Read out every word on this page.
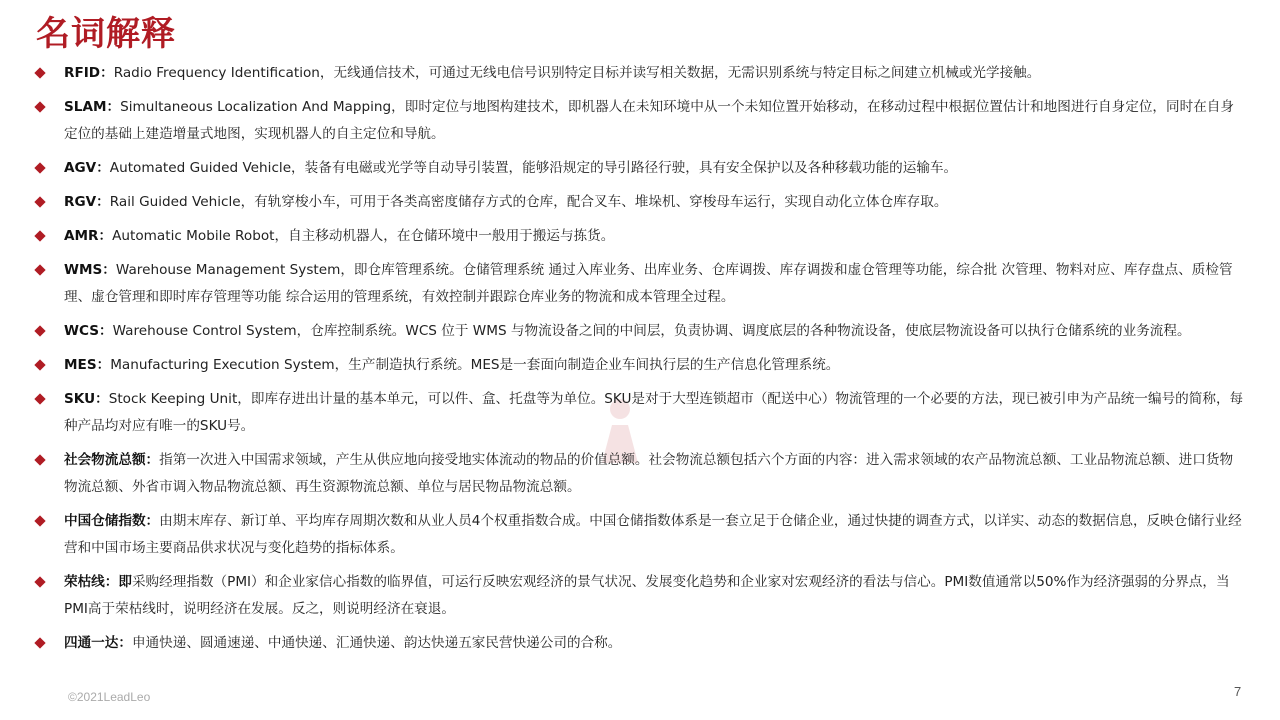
名词解释
RFID：Radio Frequency Identification，无线通信技术，可通过无线电信号识别特定目标并读写相关数据，无需识别系统与特定目标之间建立机械或光学接触。
SLAM：Simultaneous Localization And Mapping，即时定位与地图构建技术，即机器人在未知环境中从一个未知位置开始移动，在移动过程中根据位置估计和地图进行自身定位，同时在自身定位的基础上建造增量式地图，实现机器人的自主定位和导航。
AGV：Automated Guided Vehicle，装备有电磁或光学等自动导引装置，能够沿规定的导引路径行驶，具有安全保护以及各种移载功能的运输车。
RGV：Rail Guided Vehicle，有轨穿梭小车，可用于各类高密度储存方式的仓库，配合叉车、堆垛机、穿梭母车运行，实现自动化立体仓库存取。
AMR：Automatic Mobile Robot，自主移动机器人，在仓储环境中一般用于搬运与拣货。
WMS：Warehouse Management System，即仓库管理系统。仓储管理系统 通过入库业务、出库业务、仓库调拨、库存调拨和虚仓管理等功能，综合批 次管理、物料对应、库存盘点、质检管理、虚仓管理和即时库存管理等功能 综合运用的管理系统，有效控制并跟踪仓库业务的物流和成本管理全过程。
WCS：Warehouse Control System，仓库控制系统。WCS 位于 WMS 与物流设备之间的中间层，负责协调、调度底层的各种物流设备，使底层物流设备可以执行仓储系统的业务流程。
MES：Manufacturing Execution System，生产制造执行系统。MES是一套面向制造企业车间执行层的生产信息化管理系统。
SKU：Stock Keeping Unit，即库存进出计量的基本单元，可以件、盒、托盘等为单位。SKU是对于大型连锁超市（配送中心）物流管理的一个必要的方法，现已被引申为产品统一编号的简称，每种产品均对应有唯一的SKU号。
社会物流总额：指第一次进入中国需求领域，产生从供应地向接受地实体流动的物品的价值总额。社会物流总额包括六个方面的内容：进入需求领域的农产品物流总额、工业品物流总额、进口货物物流总额、外省市调入物品物流总额、再生资源物流总额、单位与居民物品物流总额。
中国仓储指数：由期末库存、新订单、平均库存周期次数和从业人员4个权重指数合成。中国仓储指数体系是一套立足于仓储企业，通过快捷的调查方式，以详实、动态的数据信息，反映仓储行业经营和中国市场主要商品供求状况与变化趋势的指标体系。
荣枯线：即采购经理指数（PMI）和企业家信心指数的临界值，可运行反映宏观经济的景气状况、发展变化趋势和企业家对宏观经济的看法与信心。PMI数值通常以50%作为经济强弱的分界点，当PMI高于荣枯线时，说明经济在发展。反之，则说明经济在衰退。
四通一达：申通快递、圆通速递、中通快递、汇通快递、韵达快递五家民营快递公司的合称。
©2021LeadLeo	7
